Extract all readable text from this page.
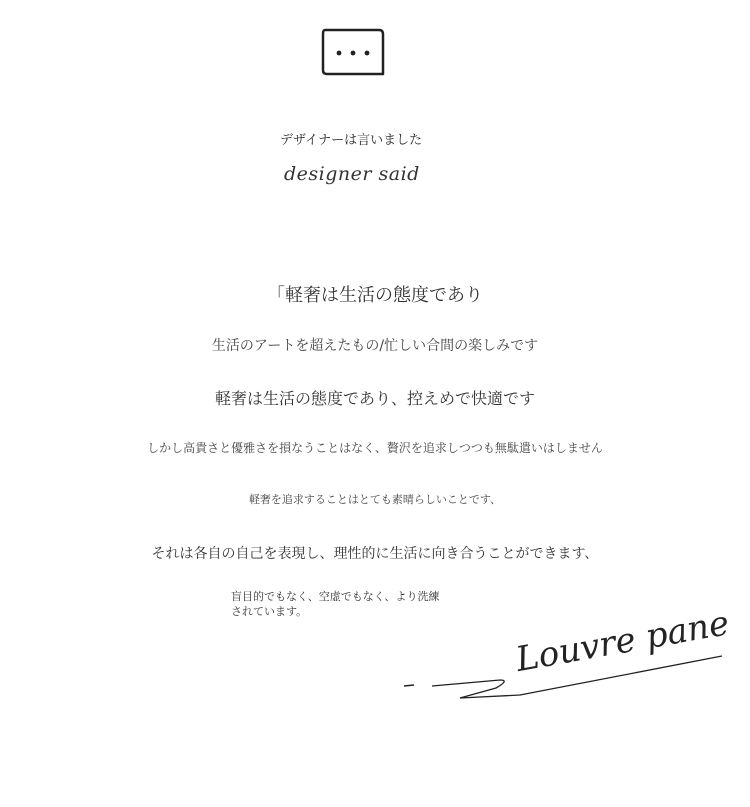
デザイナーは言いました
designer said
「軽奢は生活の態度であり
生活のアートを超えたもの/忙しい合間の楽しみです
軽奢は生活の態度であり、控えめで快適です
しかし高貴さと優雅さを損なうことはなく、贅沢を追求しつつも無駄遣いはしません
軽奢を追求することはとても素晴らしいことです、
それは各自の自己を表現し、理性的に生活に向き合うことができます、
盲目的でもなく、空虚でもなく、より洗練
されています。	Louvre pane
